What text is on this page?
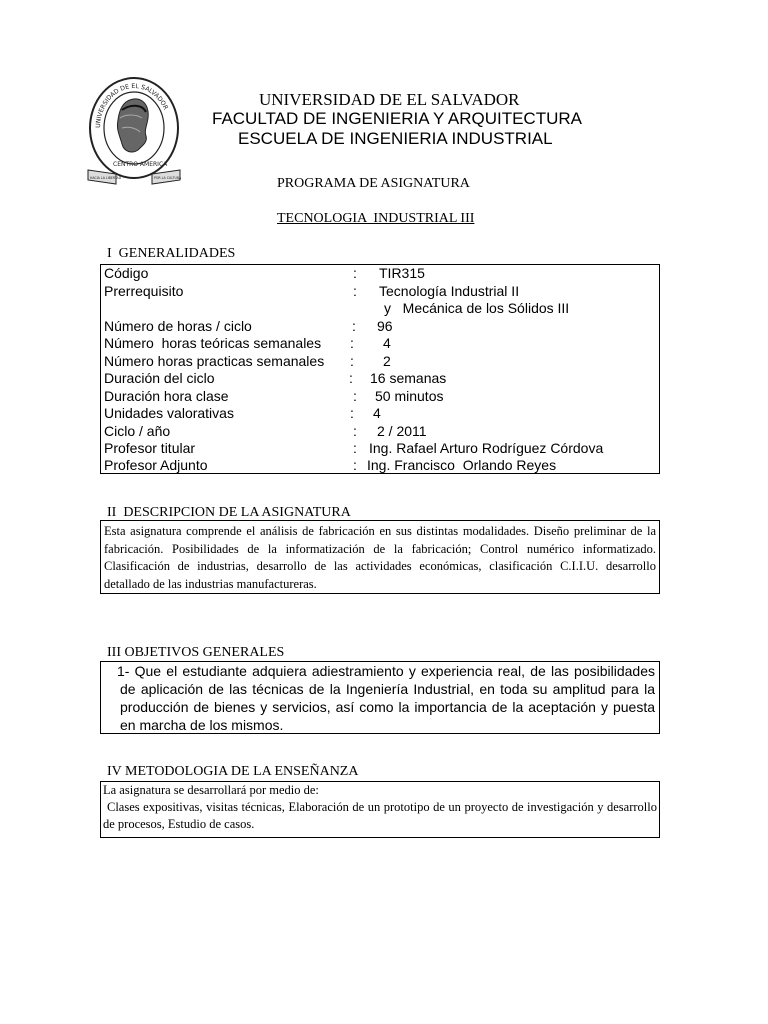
UNIVERSIDAD DE EL SALVADOR
CENTRO AMERICA
HACIA LA LIBERTAD	POR LA CULTURA
UNIVERSIDAD DE EL SALVADOR
FACULTAD DE INGENIERIA Y ARQUITECTURA
ESCUELA DE INGENIERIA INDUSTRIAL
PROGRAMA DE ASIGNATURA
TECNOLOGIA  INDUSTRIAL III
I  GENERALIDADES
Código	: TIR315
Prerrequisito	: Tecnología Industrial II
y   Mecánica de los Sólidos III
Número de horas / ciclo	: 96
Número  horas teóricas semanales : 4
Número horas practicas semanales : 2
Duración del ciclo	: 16 semanas
Duración hora clase	: 50 minutos
Unidades valorativas	: 4
Ciclo / año	: 2 / 2011
Profesor titular	: Ing. Rafael Arturo Rodríguez Córdova
Profesor Adjunto	: Ing. Francisco  Orlando Reyes
II  DESCRIPCION DE LA ASIGNATURA
Esta asignatura comprende el análisis de fabricación en sus distintas modalidades. Diseño preliminar de la fabricación. Posibilidades de la informatización de la fabricación; Control numérico informatizado. Clasificación de industrias, desarrollo de las actividades económicas, clasificación C.I.I.U. desarrollo detallado de las industrias manufactureras.
III OBJETIVOS GENERALES
1- Que el estudiante adquiera adiestramiento y experiencia real, de las posibilidades de aplicación de las técnicas de la Ingeniería Industrial, en toda su amplitud para la producción de bienes y servicios, así como la importancia de la aceptación y puesta en marcha de los mismos.
IV METODOLOGIA DE LA ENSEÑANZA

La asignatura se desarrollará por medio de:

Clases expositivas, visitas técnicas, Elaboración de un prototipo de un proyecto de investigación y desarrollo de procesos, Estudio de casos.
